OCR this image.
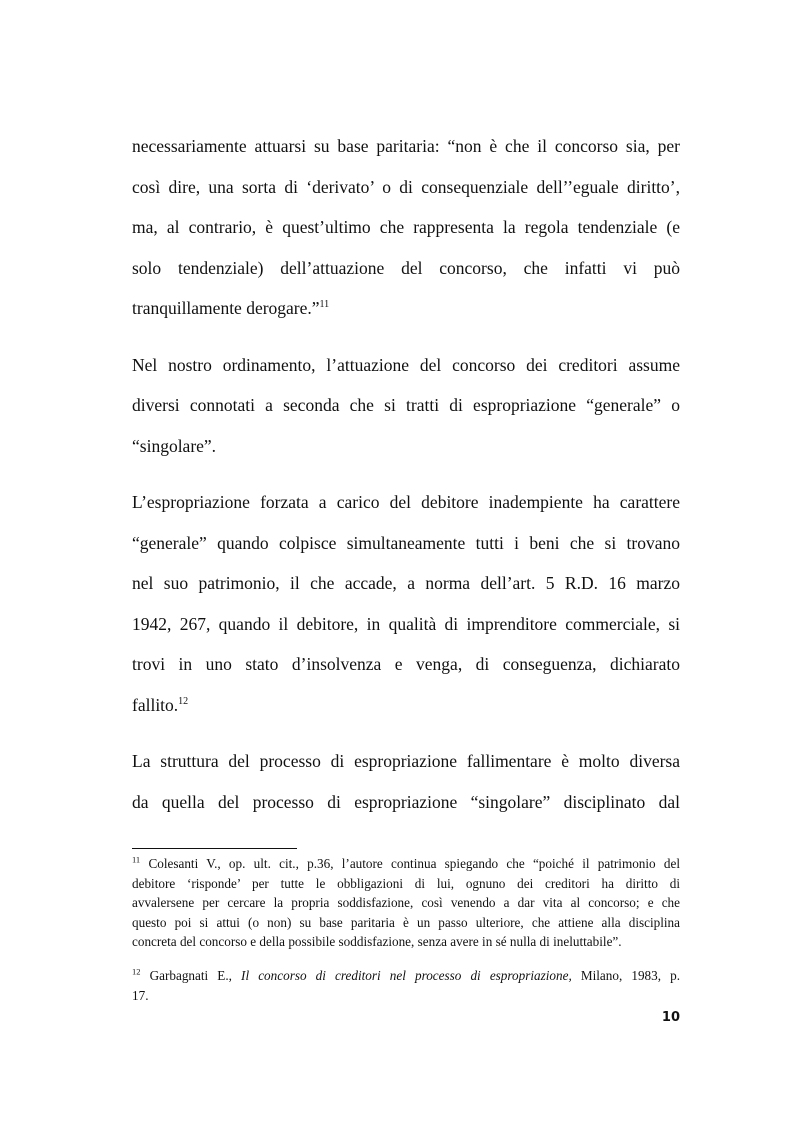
necessariamente attuarsi su base paritaria: “non è che il concorso sia, per
così dire, una sorta di ‘derivato’ o di consequenziale dell’’eguale diritto’,
ma, al contrario, è quest’ultimo che rappresenta la regola tendenziale (e
solo tendenziale) dell’attuazione del concorso, che infatti vi può
tranquillamente derogare.”$^{11}$
Nel nostro ordinamento, l’attuazione del concorso dei creditori assume
diversi connotati a seconda che si tratti di espropriazione “generale” o
“singolare”.
L’espropriazione forzata a carico del debitore inadempiente ha carattere
“generale” quando colpisce simultaneamente tutti i beni che si trovano
nel suo patrimonio, il che accade, a norma dell’art. 5 R.D. 16 marzo
1942, 267, quando il debitore, in qualità di imprenditore commerciale, si
trovi in uno stato d’insolvenza e venga, di conseguenza, dichiarato
fallito.$^{12}$
La struttura del processo di espropriazione fallimentare è molto diversa
da quella del processo di espropriazione “singolare” disciplinato dal
$^{11}$ Colesanti V., op. ult. cit., p.36, l’autore continua spiegando che “poiché il patrimonio del
debitore ‘risponde’ per tutte le obbligazioni di lui, ognuno dei creditori ha diritto di
avvalersene per cercare la propria soddisfazione, così venendo a dar vita al concorso; e che
questo poi si attui (o non) su base paritaria è un passo ulteriore, che attiene alla disciplina
concreta del concorso e della possibile soddisfazione, senza avere in sé nulla di ineluttabile”.
$^{12}$ Garbagnati E., Il concorso di creditori nel processo di espropriazione, Milano, 1983, p.
17.
10
